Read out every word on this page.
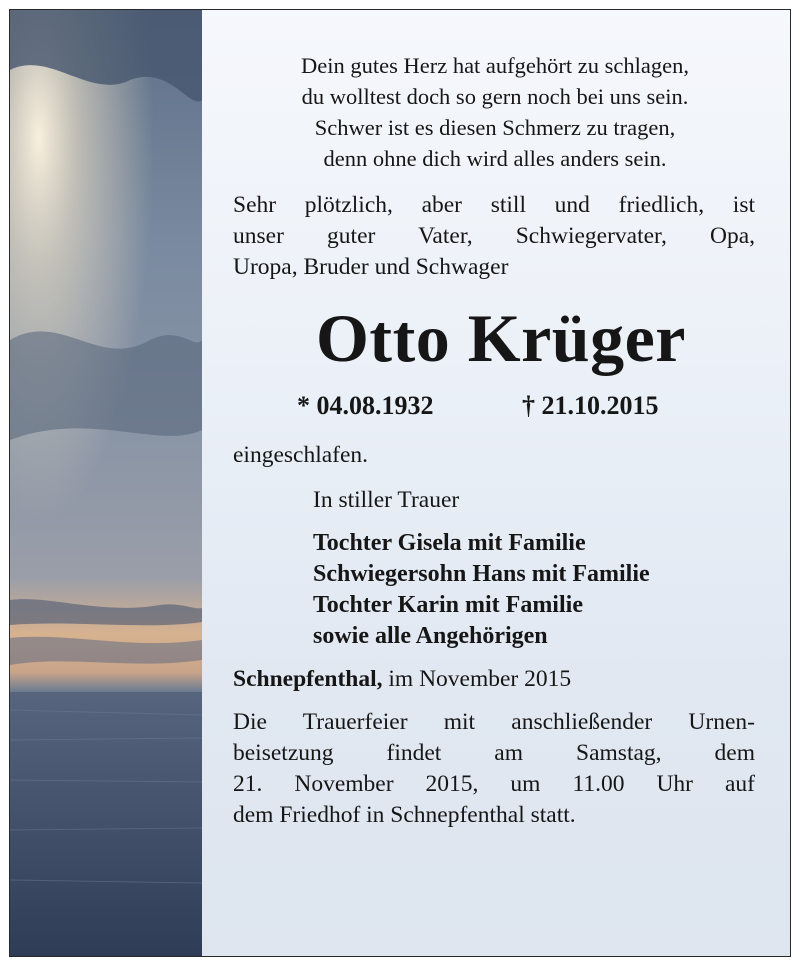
Dein gutes Herz hat aufgehört zu schlagen,
du wolltest doch so gern noch bei uns sein.
Schwer ist es diesen Schmerz zu tragen,
denn ohne dich wird alles anders sein.
Sehr plötzlich, aber still und friedlich, ist
unser guter Vater, Schwiegervater, Opa,
Uropa, Bruder und Schwager
Otto Krüger
* 04.08.1932	† 21.10.2015
eingeschlafen.
In stiller Trauer
Tochter Gisela mit Familie
Schwiegersohn Hans mit Familie
Tochter Karin mit Familie
sowie alle Angehörigen
Schnepfenthal, im November 2015
Die Trauerfeier mit anschließender Urnen-
beisetzung findet am Samstag, dem
21. November 2015, um 11.00 Uhr auf
dem Friedhof in Schnepfenthal statt.
